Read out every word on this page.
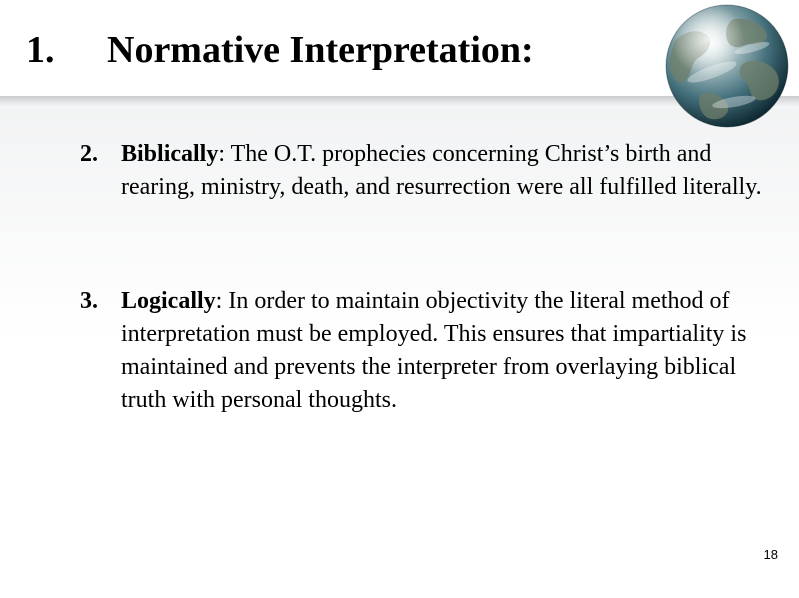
1. Normative Interpretation:
2. Biblically: The O.T. prophecies concerning Christ’s birth and rearing, ministry, death, and resurrection were all fulfilled literally.
3. Logically: In order to maintain objectivity the literal method of interpretation must be employed. This ensures that impartiality is maintained and prevents the interpreter from overlaying biblical truth with personal thoughts.
18
